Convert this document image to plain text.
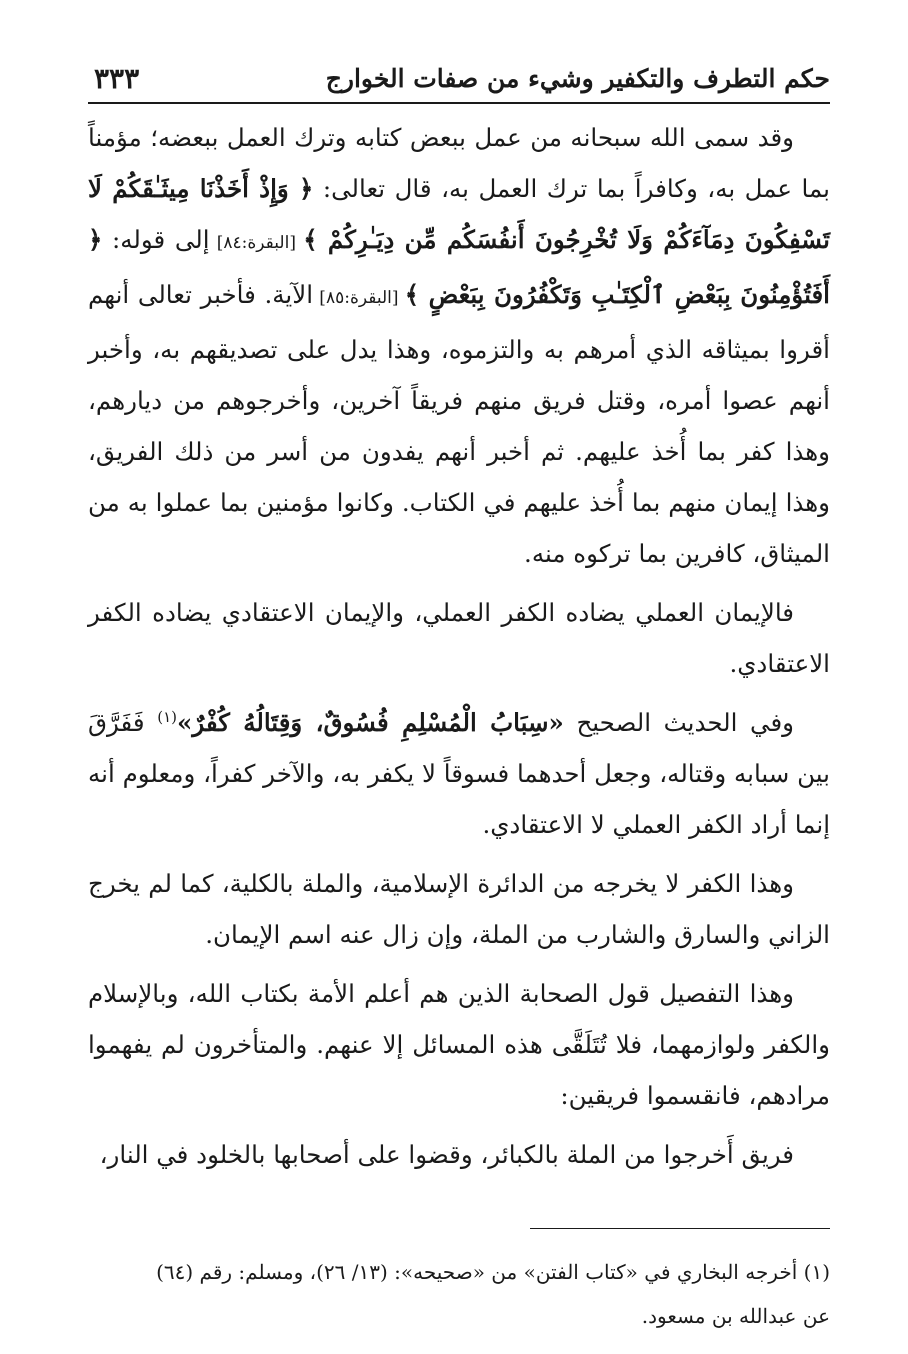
حكم التطرف والتكفير وشيء من صفات الخوارج
٣٣٣

وقد سمى الله سبحانه من عمل ببعض كتابه وترك العمل ببعضه؛ مؤمناً بما عمل به، وكافراً بما ترك العمل به، قال تعالى: ﴿ وَإِذْ أَخَذْنَا مِيثَـٰقَكُمْ لَا تَسْفِكُونَ دِمَآءَكُمْ وَلَا تُخْرِجُونَ أَنفُسَكُم مِّن دِيَـٰرِكُمْ ﴾ [البقرة:٨٤] إلى قوله: ﴿ أَفَتُؤْمِنُونَ بِبَعْضِ ٱلْكِتَـٰبِ وَتَكْفُرُونَ بِبَعْضٍ ﴾ [البقرة:٨٥] الآية. فأخبر تعالى أنهم أقروا بميثاقه الذي أمرهم به والتزموه، وهذا يدل على تصديقهم به، وأخبر أنهم عصوا أمره، وقتل فريق منهم فريقاً آخرين، وأخرجوهم من ديارهم، وهذا كفر بما أُخذ عليهم. ثم أخبر أنهم يفدون من أسر من ذلك الفريق، وهذا إيمان منهم بما أُخذ عليهم في الكتاب. وكانوا مؤمنين بما عملوا به من الميثاق، كافرين بما تركوه منه.

فالإيمان العملي يضاده الكفر العملي، والإيمان الاعتقادي يضاده الكفر الاعتقادي.

وفي الحديث الصحيح «سِبَابُ الْمُسْلِمِ فُسُوقٌ، وَقِتَالُهُ كُفْرٌ»$^{(١)}$ فَفَرَّقَ بين سبابه وقتاله، وجعل أحدهما فسوقاً لا يكفر به، والآخر كفراً، ومعلوم أنه إنما أراد الكفر العملي لا الاعتقادي.

وهذا الكفر لا يخرجه من الدائرة الإسلامية، والملة بالكلية، كما لم يخرج الزاني والسارق والشارب من الملة، وإن زال عنه اسم الإيمان.

وهذا التفصيل قول الصحابة الذين هم أعلم الأمة بكتاب الله، وبالإسلام والكفر ولوازمهما، فلا تُتَلَقَّى هذه المسائل إلا عنهم. والمتأخرون لم يفهموا مرادهم، فانقسموا فريقين:

فريق أَخرجوا من الملة بالكبائر، وقضوا على أصحابها بالخلود في النار،

(١) أخرجه البخاري في «كتاب الفتن» من «صحيحه»: (١٣/ ٢٦)، ومسلم: رقم (٦٤)

عن عبدالله بن مسعود.
